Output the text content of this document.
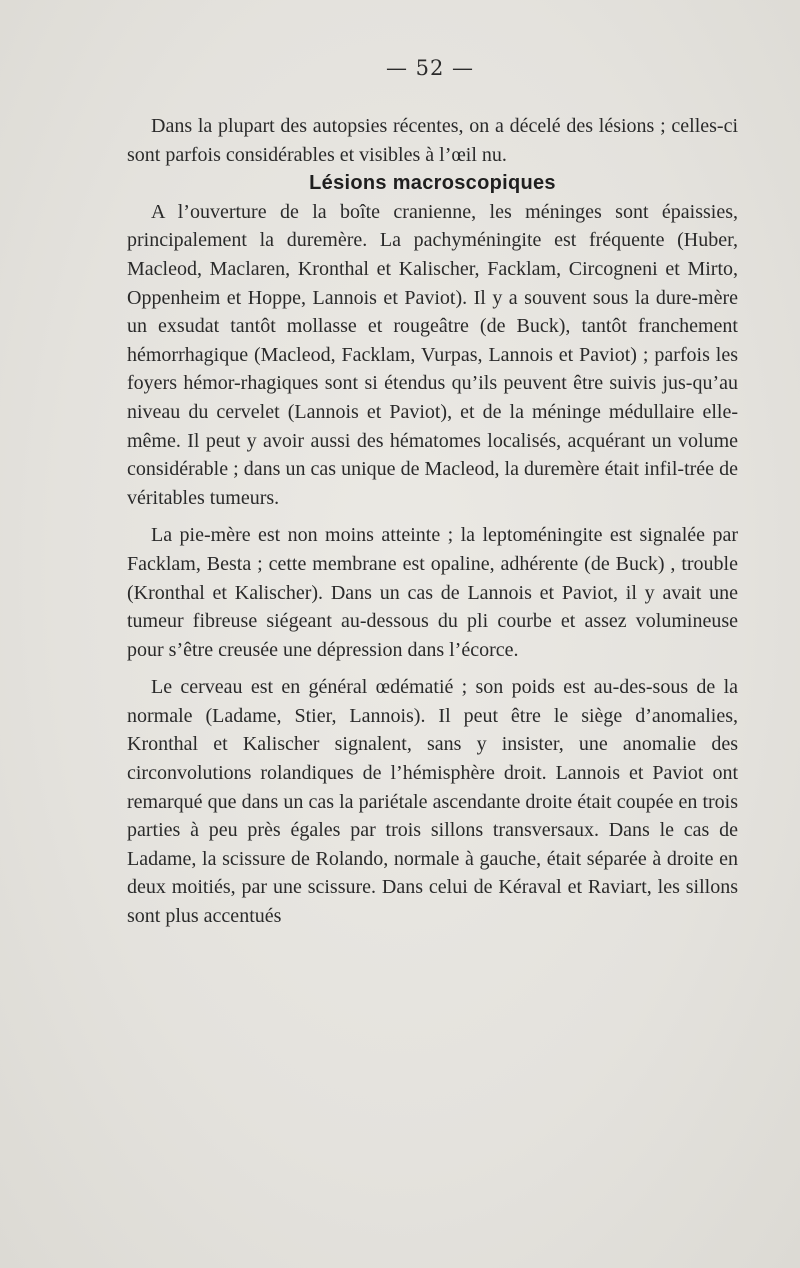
— 52 —

Dans la plupart des autopsies récentes, on a décelé des lésions ; celles-ci sont parfois considérables et visibles à l’œil nu.

Lésions macroscopiques

A l’ouverture de la boîte cranienne, les méninges sont épaissies, principalement la duremère. La pachyméningite est fréquente (Huber, Macleod, Maclaren, Kronthal et Kalischer, Facklam, Circogneni et Mirto, Oppenheim et Hoppe, Lannois et Paviot). Il y a souvent sous la dure-mère un exsudat tantôt mollasse et rougeâtre (de Buck), tantôt franchement hémorrhagique (Macleod, Facklam, Vurpas, Lannois et Paviot) ; parfois les foyers hémor-rhagiques sont si étendus qu’ils peuvent être suivis jus-qu’au niveau du cervelet (Lannois et Paviot), et de la méninge médullaire elle-même. Il peut y avoir aussi des hématomes localisés, acquérant un volume considérable ; dans un cas unique de Macleod, la duremère était infil-trée de véritables tumeurs.

La pie-mère est non moins atteinte ; la leptoméningite est signalée par Facklam, Besta ; cette membrane est opaline, adhérente (de Buck) , trouble (Kronthal et Kalischer). Dans un cas de Lannois et Paviot, il y avait une tumeur fibreuse siégeant au-dessous du pli courbe et assez volumineuse pour s’être creusée une dépression dans l’écorce.

Le cerveau est en général œdématié ; son poids est au-des-sous de la normale (Ladame, Stier, Lannois). Il peut être le siège d’anomalies, Kronthal et Kalischer signalent, sans y insister, une anomalie des circonvolutions rolandiques de l’hémisphère droit. Lannois et Paviot ont remarqué que dans un cas la pariétale ascendante droite était coupée en trois parties à peu près égales par trois sillons transversaux. Dans le cas de Ladame, la scissure de Rolando, normale à gauche, était séparée à droite en deux moitiés, par une scissure. Dans celui de Kéraval et Raviart, les sillons sont plus accentués
